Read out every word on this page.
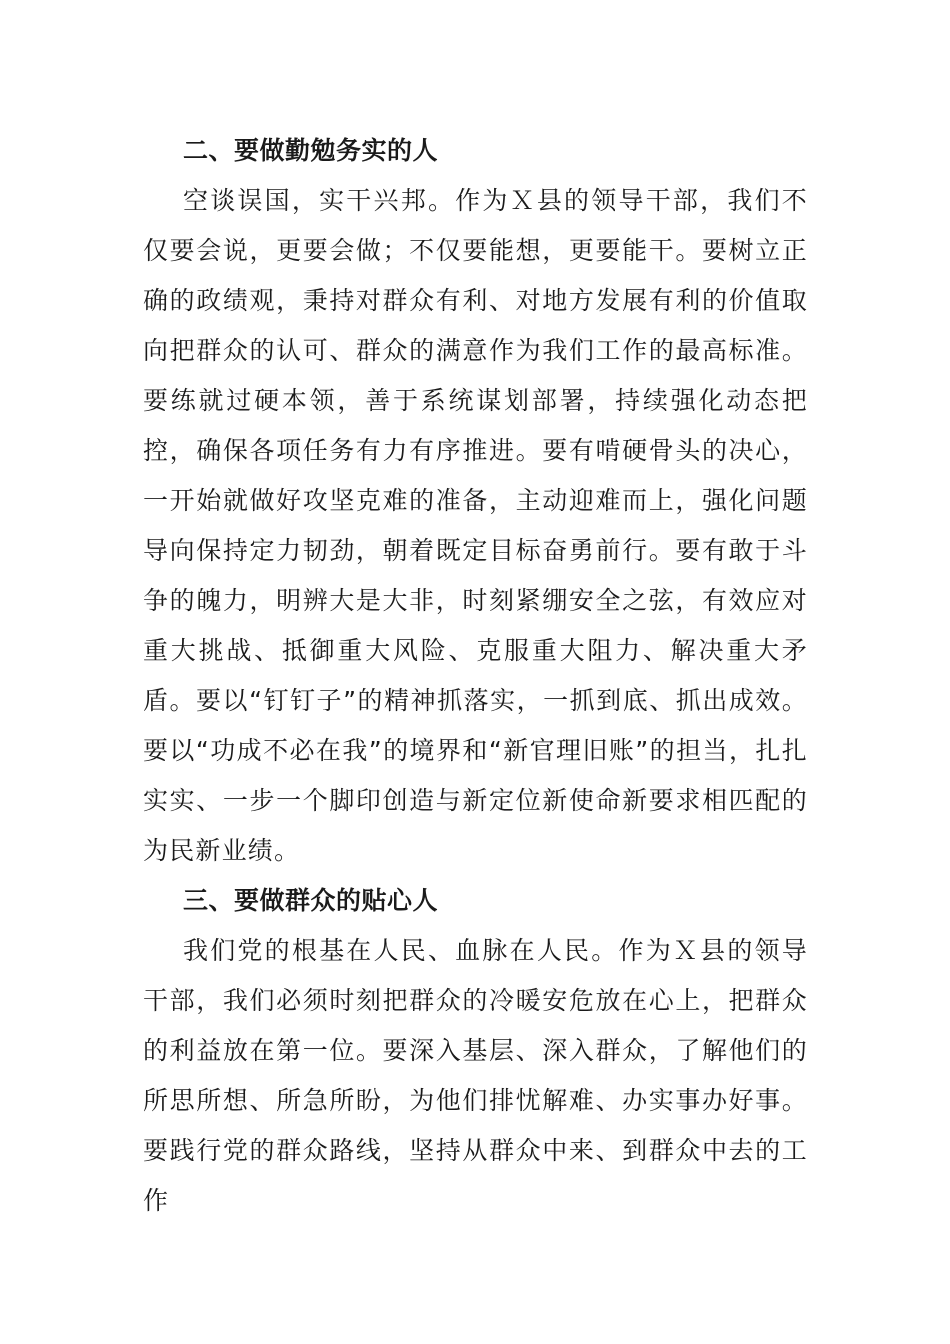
二、要做勤勉务实的人

空谈误国，实干兴邦。作为Ｘ县的领导干部，我们不仅要会说，更要会做；不仅要能想，更要能干。要树立正确的政绩观，秉持对群众有利、对地方发展有利的价值取向把群众的认可、群众的满意作为我们工作的最高标准。要练就过硬本领，善于系统谋划部署，持续强化动态把控，确保各项任务有力有序推进。要有啃硬骨头的决心，一开始就做好攻坚克难的准备，主动迎难而上，强化问题导向保持定力韧劲，朝着既定目标奋勇前行。要有敢于斗争的魄力，明辨大是大非，时刻紧绷安全之弦，有效应对重大挑战、抵御重大风险、克服重大阻力、解决重大矛盾。要以“钉钉子”的精神抓落实，一抓到底、抓出成效。要以“功成不必在我”的境界和“新官理旧账”的担当，扎扎实实、一步一个脚印创造与新定位新使命新要求相匹配的为民新业绩。

三、要做群众的贴心人

我们党的根基在人民、血脉在人民。作为Ｘ县的领导干部，我们必须时刻把群众的冷暖安危放在心上，把群众的利益放在第一位。要深入基层、深入群众，了解他们的所思所想、所急所盼，为他们排忧解难、办实事办好事。要践行党的群众路线，坚持从群众中来、到群众中去的工作
